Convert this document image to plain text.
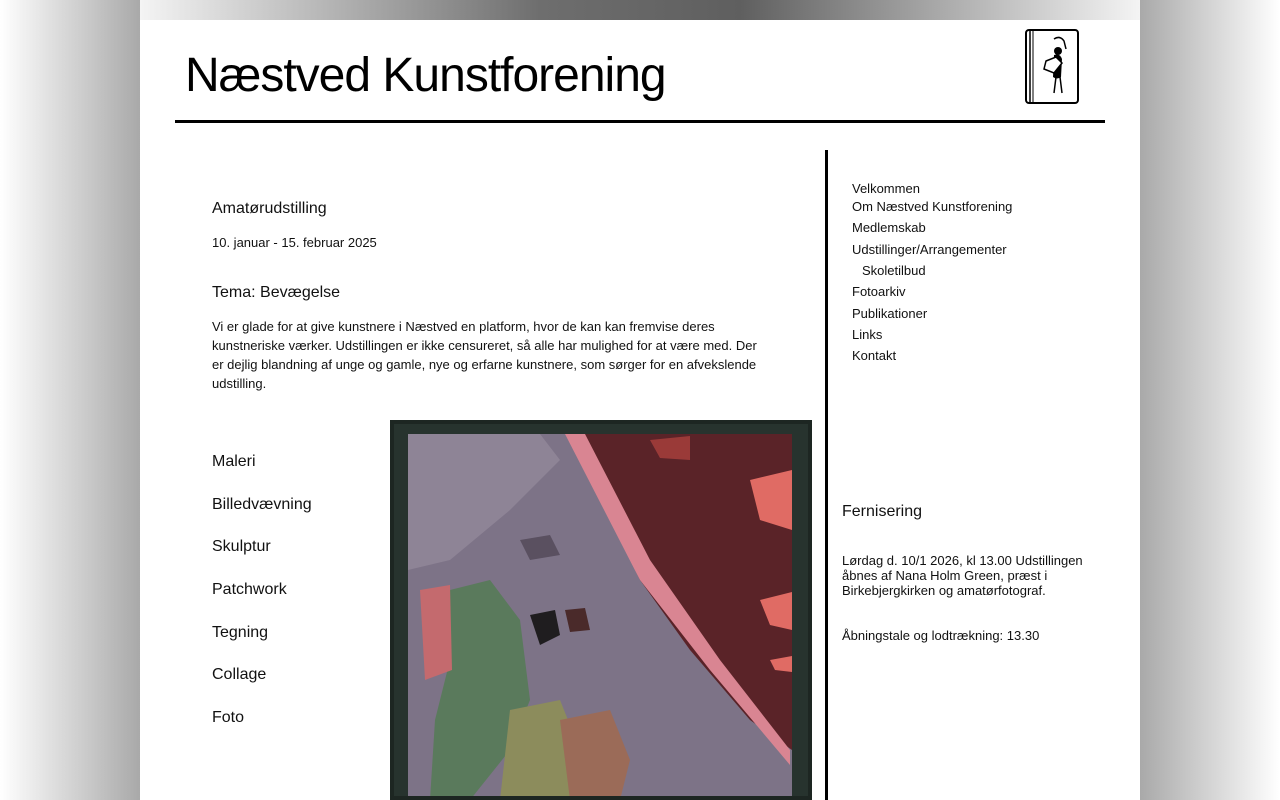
Næstved Kunstforening
Amatørudstilling
10. januar - 15. februar 2025
Tema: Bevægelse
Vi er glade for at give kunstnere i Næstved en platform, hvor de kan kan fremvise deres kunstneriske værker. Udstillingen er ikke censureret, så alle har mulighed for at være med. Der er dejlig blandning af unge og gamle, nye og erfarne kunstnere, som sørger for en afvekslende udstilling.
Maleri
Billedvævning
Skulptur
Patchwork
Tegning
Collage
Foto
Velkommen
Om Næstved Kunstforening
Medlemskab
Udstillinger/Arrangementer
Skoletilbud
Fotoarkiv
Publikationer
Links
Kontakt
Fernisering
Lørdag d. 10/1 2026, kl 13.00 Udstillingen åbnes af Nana Holm Green, præst i Birkebjergkirken og amatørfotograf.
Åbningstale og lodtrækning: 13.30
